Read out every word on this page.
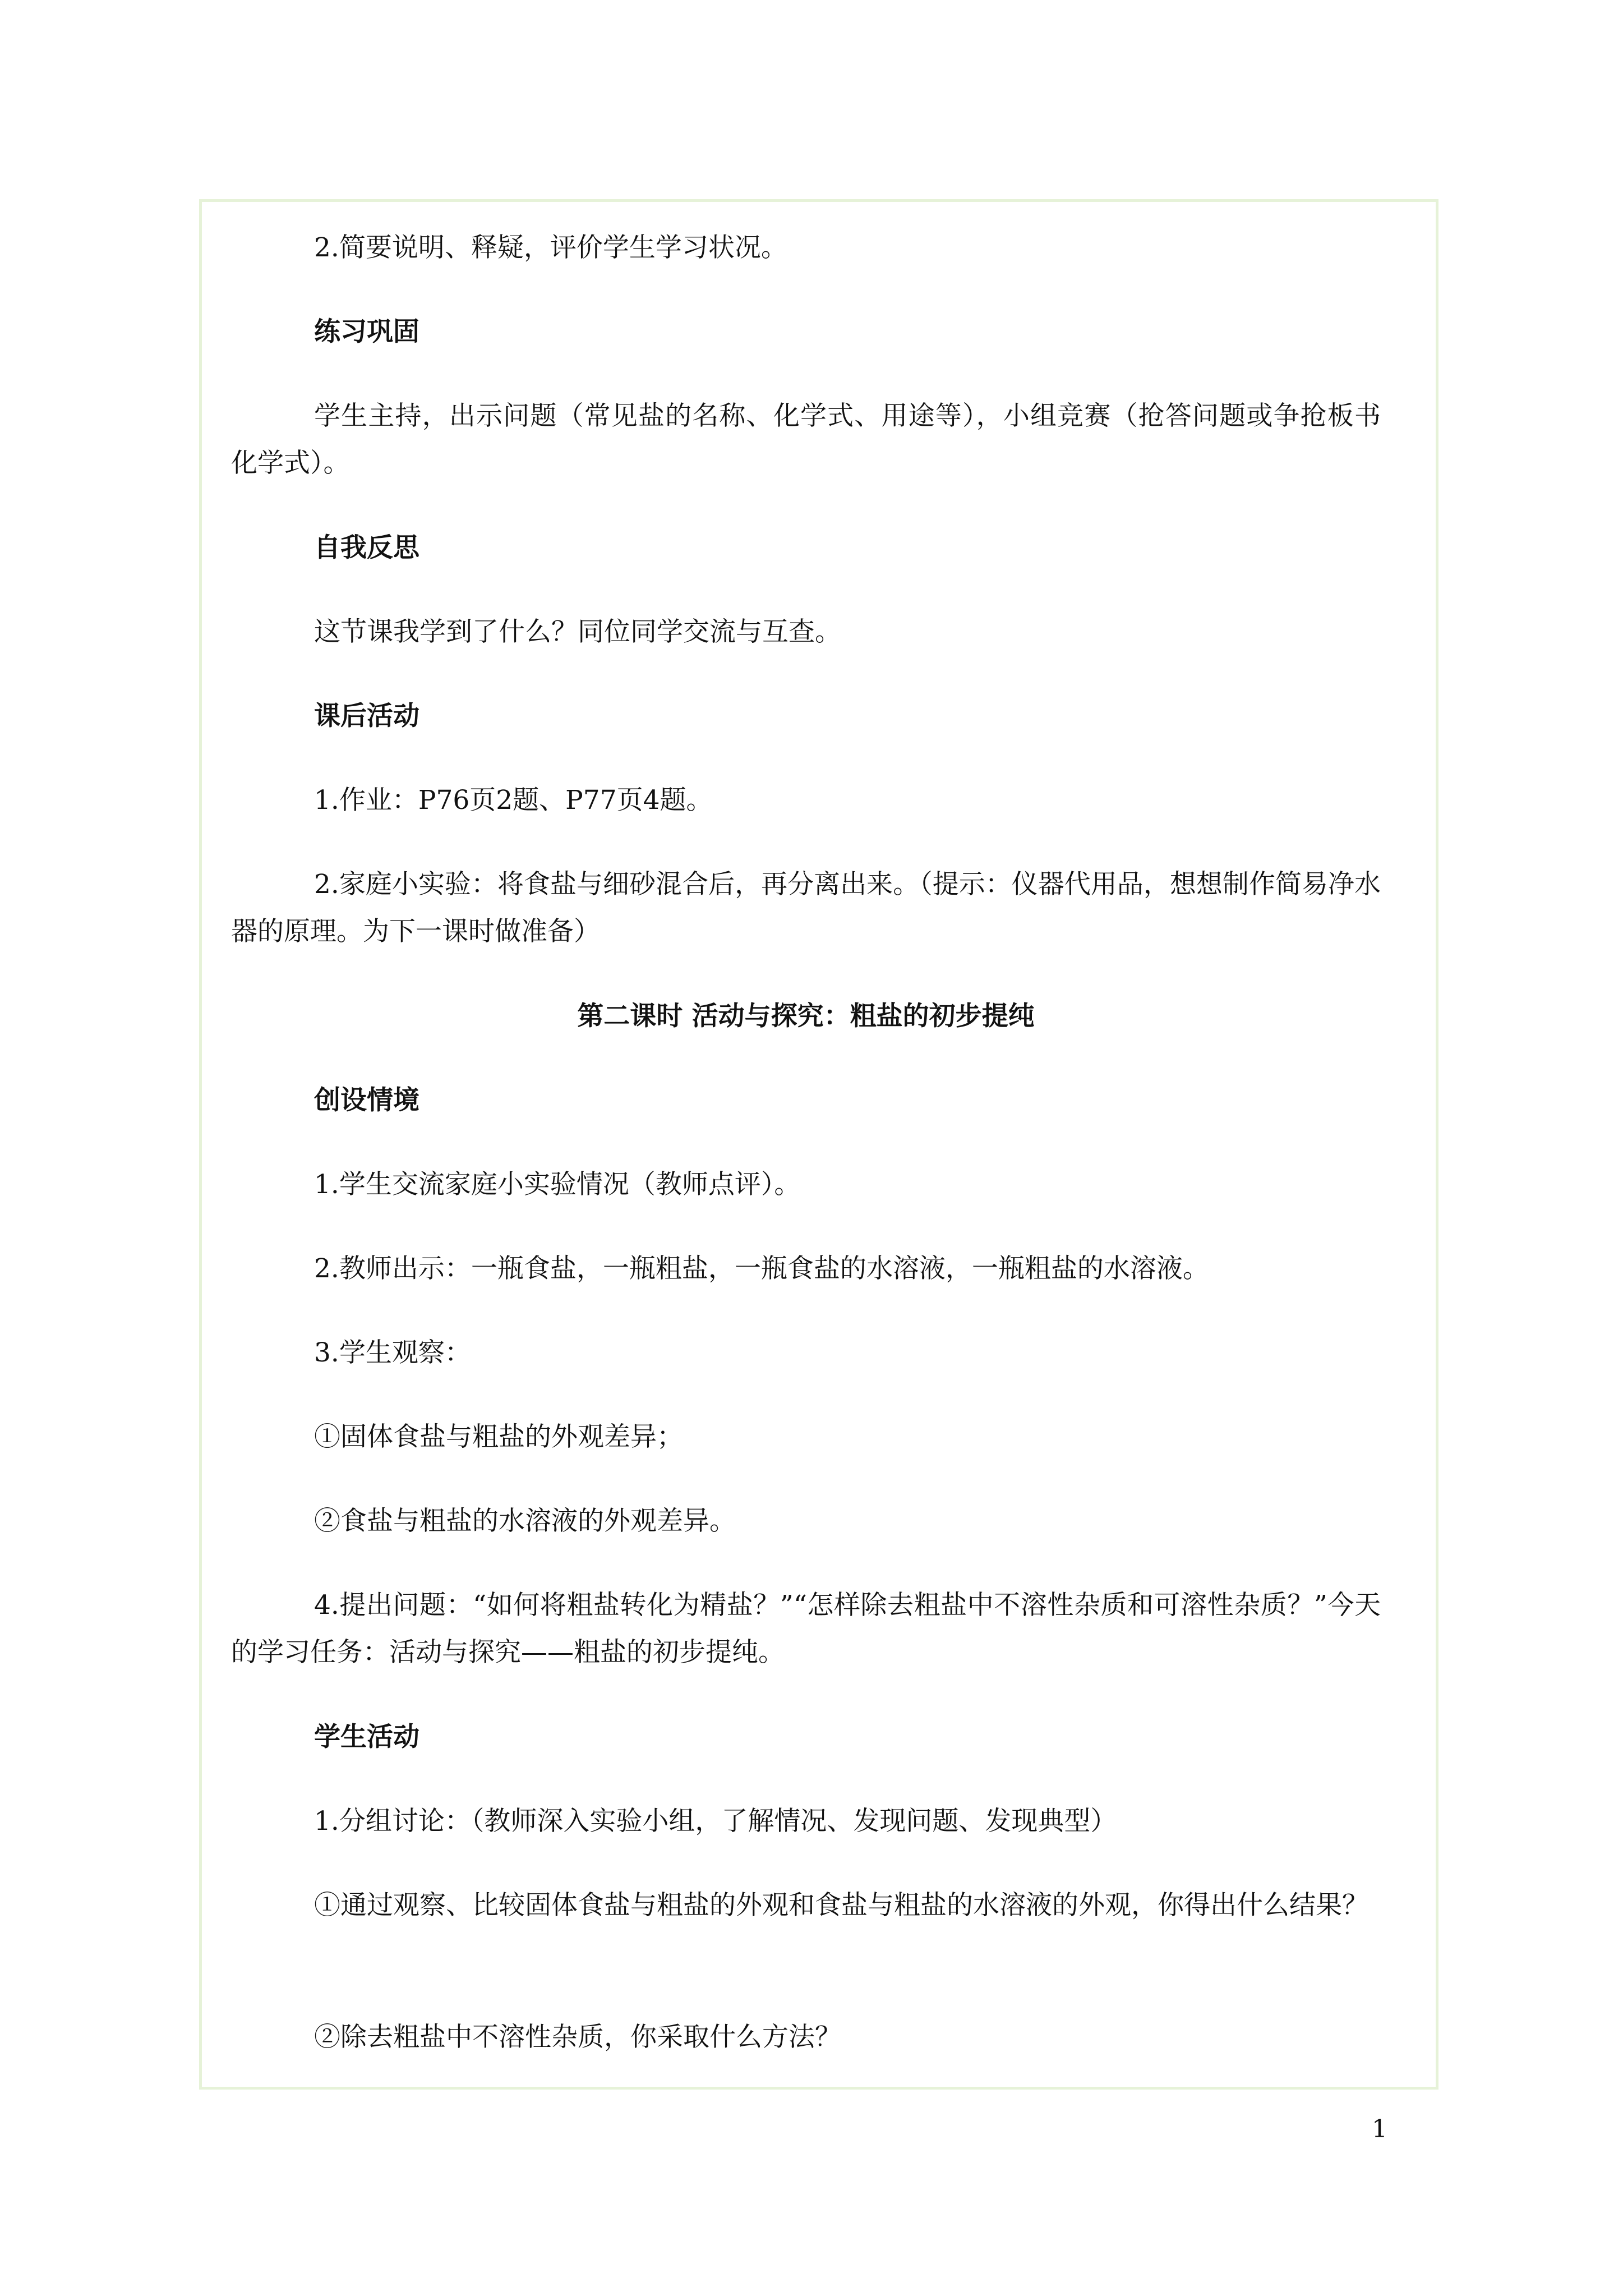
2.简要说明、释疑，评价学生学习状况。

练习巩固

学生主持，出示问题（常见盐的名称、化学式、用途等），小组竞赛（抢答问题或争抢板书化学式）。

自我反思

这节课我学到了什么？同位同学交流与互查。

课后活动

1.作业：P76页2题、P77页4题。

2.家庭小实验：将食盐与细砂混合后，再分离出来。（提示：仪器代用品，想想制作简易净水器的原理。为下一课时做准备）

第二课时 活动与探究：粗盐的初步提纯

创设情境

1.学生交流家庭小实验情况（教师点评）。

2.教师出示：一瓶食盐，一瓶粗盐，一瓶食盐的水溶液，一瓶粗盐的水溶液。

3.学生观察：

①固体食盐与粗盐的外观差异；

②食盐与粗盐的水溶液的外观差异。

4.提出问题：“如何将粗盐转化为精盐？”“怎样除去粗盐中不溶性杂质和可溶性杂质？”今天的学习任务：活动与探究——粗盐的初步提纯。

学生活动

1.分组讨论：（教师深入实验小组，了解情况、发现问题、发现典型）

①通过观察、比较固体食盐与粗盐的外观和食盐与粗盐的水溶液的外观，你得出什么结果？

②除去粗盐中不溶性杂质，你采取什么方法？

1
